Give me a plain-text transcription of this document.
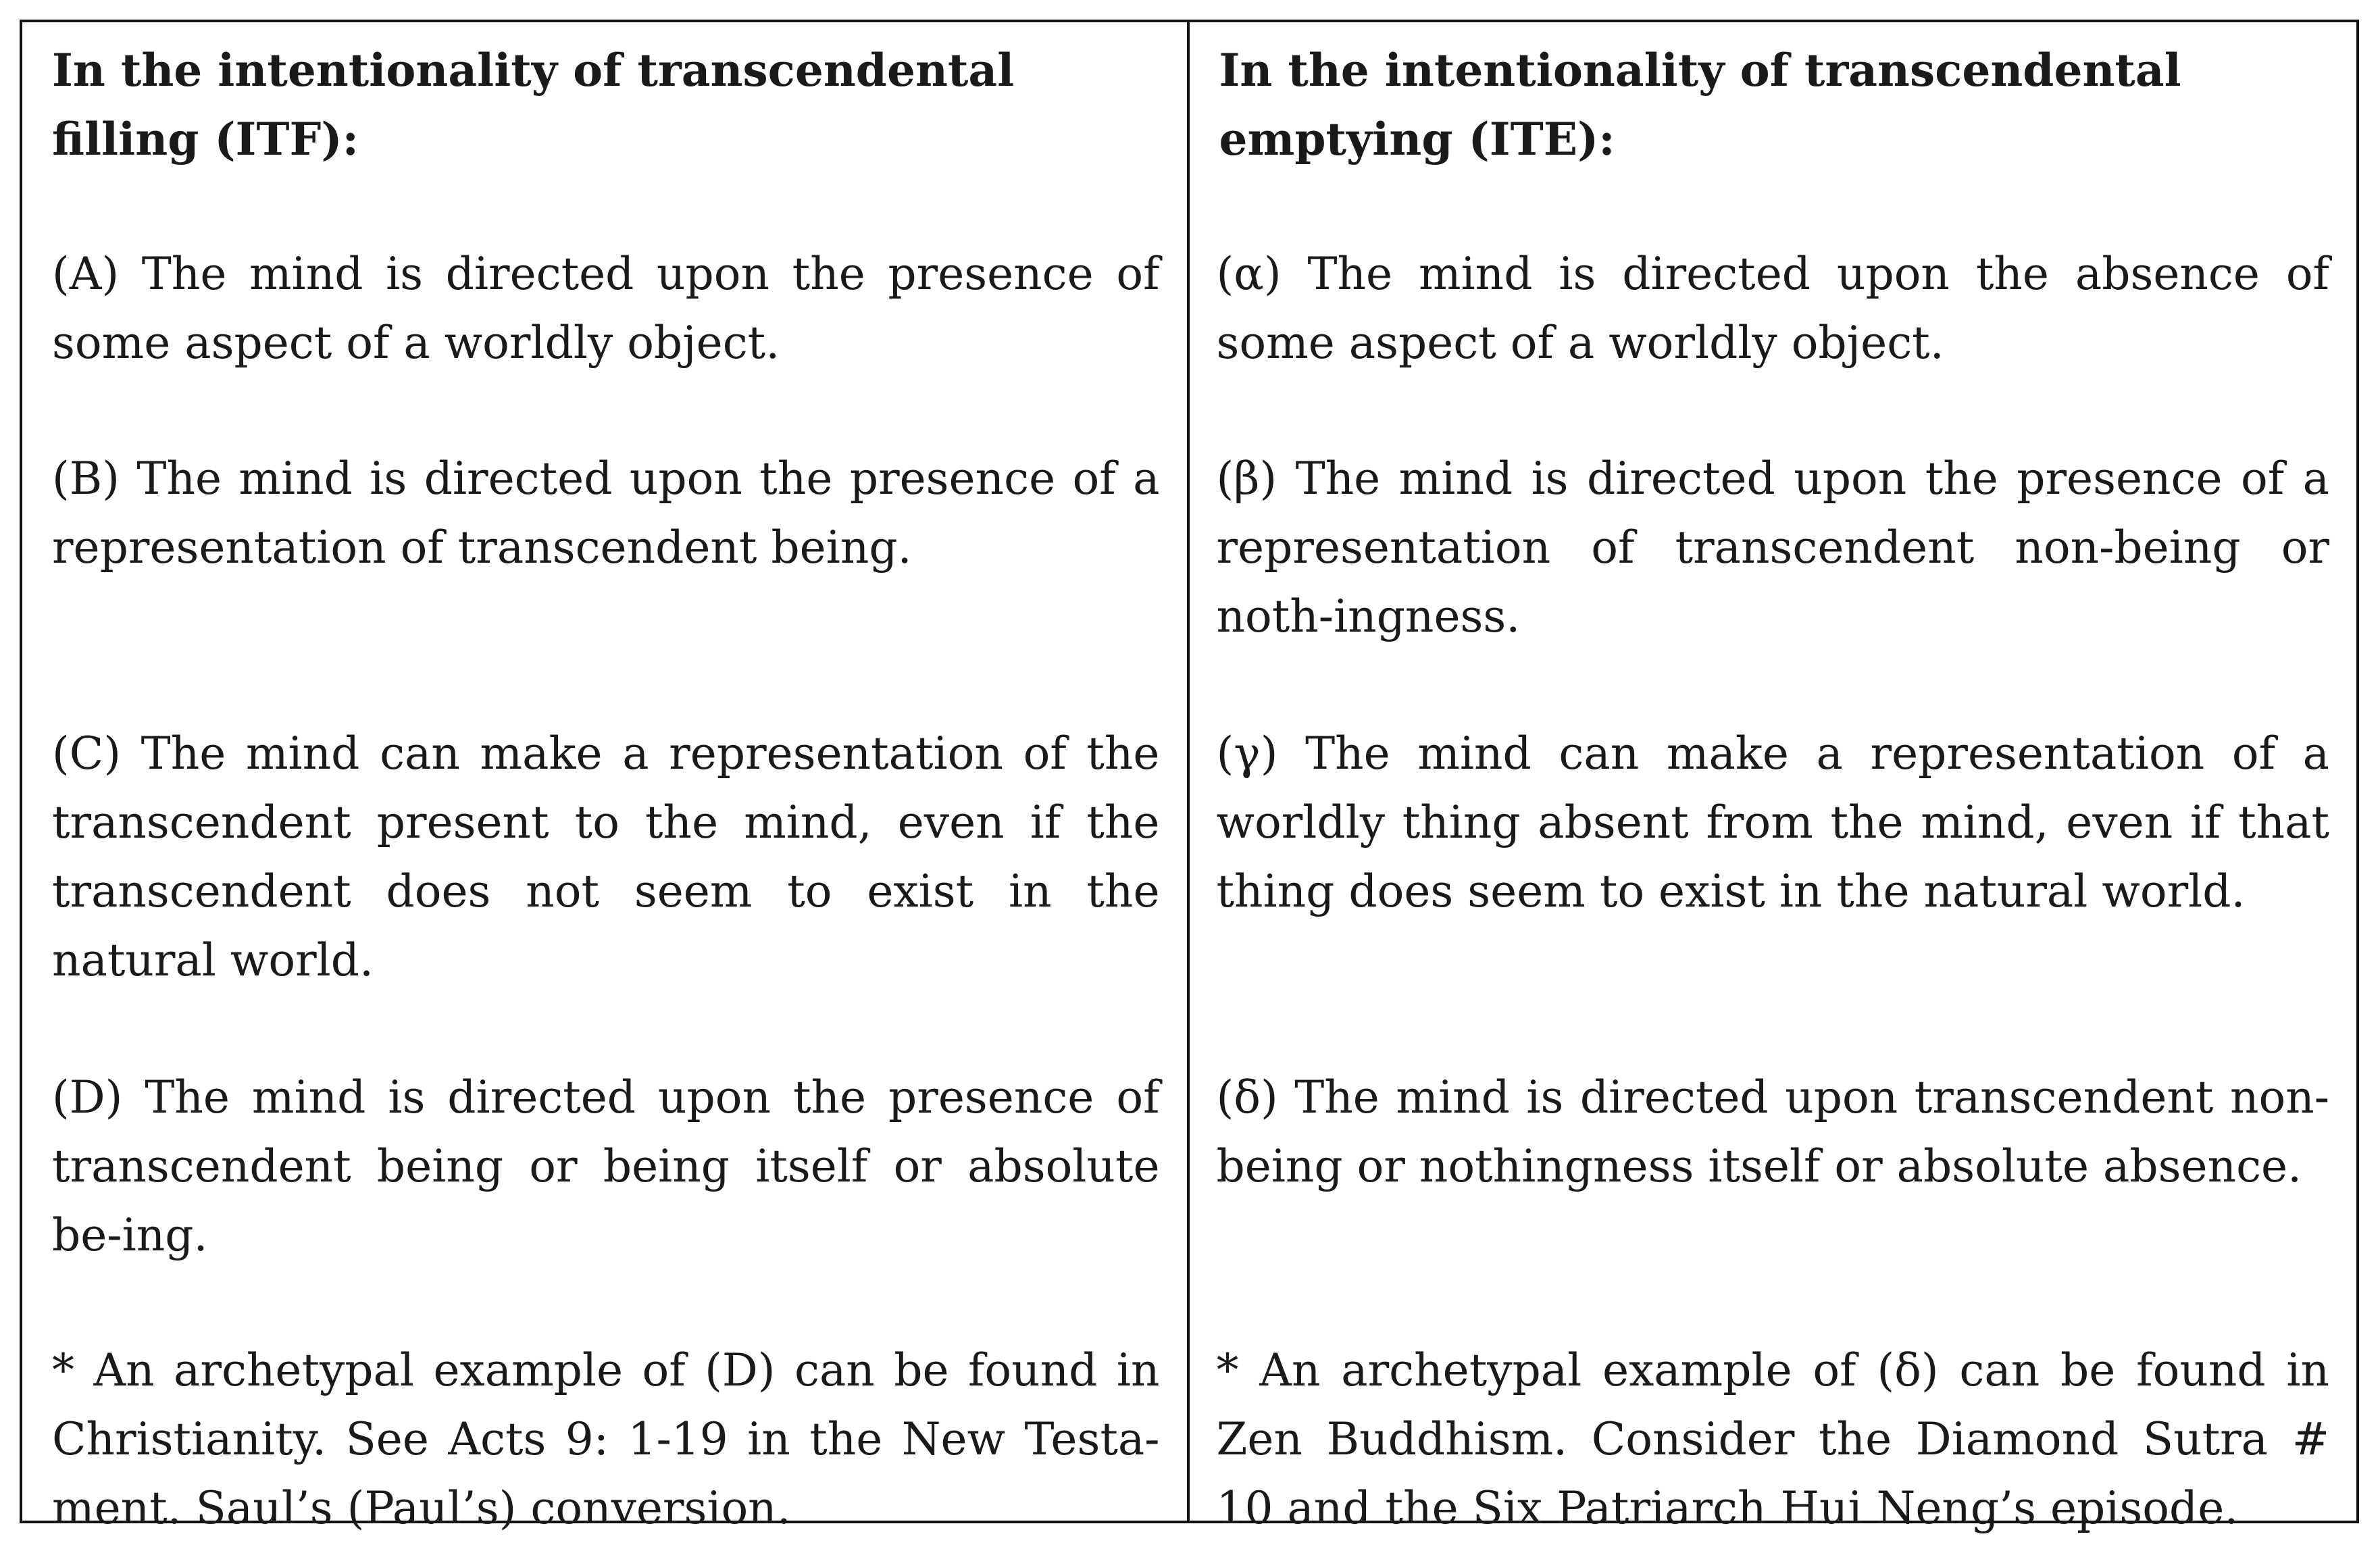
In the intentionality of transcendental filling (ITF):

(A) The mind is directed upon the presence of some aspect of a worldly object.

(B) The mind is directed upon the presence of a representation of transcendent being.

(C) The mind can make a representation of the transcendent present to the mind, even if the transcendent does not seem to exist in the natural world.

(D) The mind is directed upon the presence of transcendent being or being itself or absolute be-ing.

* An archetypal example of (D) can be found in Christianity. See Acts 9: 1-19 in the New Testa-ment. Saul’s (Paul’s) conversion.

In the intentionality of transcendental emptying (ITE):

(α) The mind is directed upon the absence of some aspect of a worldly object.

(β) The mind is directed upon the presence of a representation of transcendent non-being or noth-ingness.

(γ) The mind can make a representation of a worldly thing absent from the mind, even if that thing does seem to exist in the natural world.

(δ) The mind is directed upon transcendent non-being or nothingness itself or absolute absence.

* An archetypal example of (δ) can be found in Zen Buddhism. Consider the Diamond Sutra # 10 and the Six Patriarch Hui Neng’s episode.
